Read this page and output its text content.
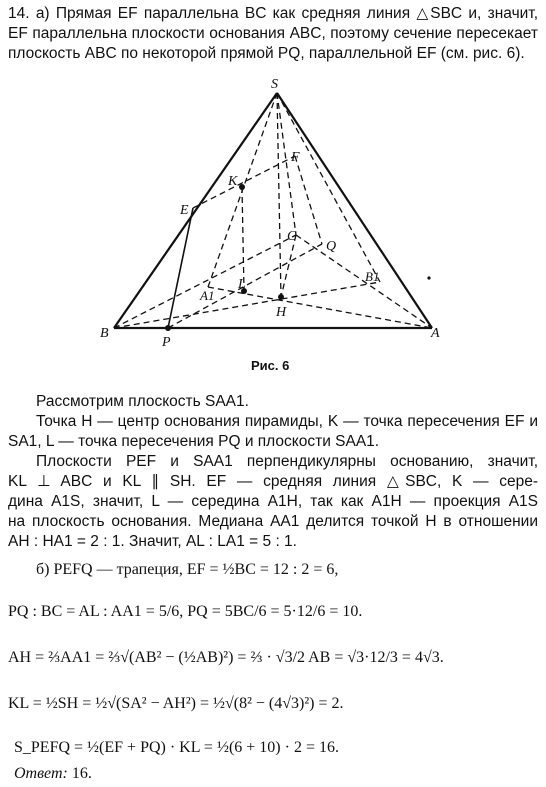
14. а) Прямая EF параллельна BC как средняя линия △SBC и, значит,
EF параллельна плоскости основания ABC, поэтому сечение пересекает
плоскость ABC по некоторой прямой PQ, параллельной EF (см. рис. 6).
S
F
K
E
C
Q
B1
A1
L
H
B	A
P
Рис. 6
Рассмотрим плоскость SAA1.
Точка H — центр основания пирамиды, K — точка пересечения EF и
SA1, L — точка пересечения PQ и плоскости SAA1.
Плоскости PEF и SAA1 перпендикулярны основанию, значит,
KL ⊥ ABC и KL ∥ SH. EF — средняя линия △SBC, K — сере-
дина A1S, значит, L — середина A1H, так как A1H — проекция A1S
на плоскость основания. Медиана AA1 делится точкой H в отношении
AH : HA1 = 2 : 1. Значит, AL : LA1 = 5 : 1.
б) PEFQ — трапеция, EF = ½BC = 12 : 2 = 6,
PQ : BC = AL : AA1 = 5/6, PQ = 5BC/6 = 5·12/6 = 10.
AH = ⅔AA1 = ⅔√(AB² − (½AB)²) = ⅔ · √3/2 AB = √3·12/3 = 4√3.
KL = ½SH = ½√(SA² − AH²) = ½√(8² − (4√3)²) = 2.
S_PEFQ = ½(EF + PQ) · KL = ½(6 + 10) · 2 = 16.
Ответ: 16.
